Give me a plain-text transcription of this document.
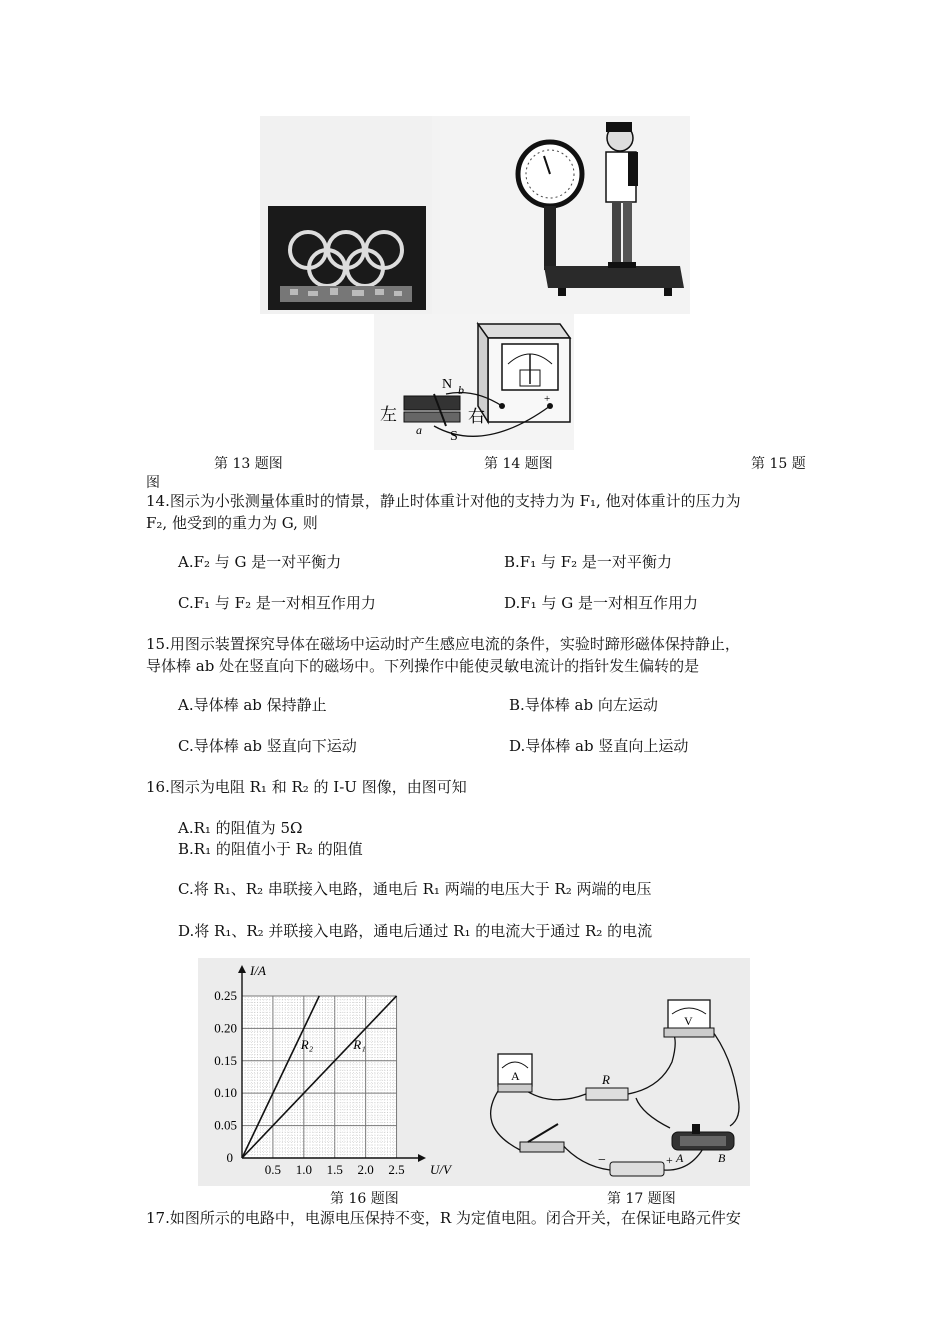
+
左	右
N
S
a
b
第 13 题图	第 14 题图	第 15 题
图
14.图示为小张测量体重时的情景，静止时体重计对他的支持力为 F₁, 他对体重计的压力为
F₂, 他受到的重力为 G, 则
A.F₂ 与 G 是一对平衡力	B.F₁ 与 F₂ 是一对平衡力
C.F₁ 与 F₂ 是一对相互作用力	D.F₁ 与 G 是一对相互作用力
15.用图示装置探究导体在磁场中运动时产生感应电流的条件，实验时蹄形磁体保持静止，
导体棒 ab 处在竖直向下的磁场中。下列操作中能使灵敏电流计的指针发生偏转的是
A.导体棒 ab 保持静止	B.导体棒 ab 向左运动
C.导体棒 ab 竖直向下运动	D.导体棒 ab 竖直向上运动
16.图示为电阻 R₁ 和 R₂ 的 I-U 图像，由图可知
A.R₁ 的阻值为 5Ω
B.R₁ 的阻值小于 R₂ 的阻值
C.将 R₁、R₂ 串联接入电路，通电后 R₁ 两端的电压大于 R₂ 两端的电压
D.将 R₁、R₂ 并联接入电路，通电后通过 R₁ 的电流大于通过 R₂ 的电流
0.5 1.0 1.5 2.0 2.5
0.05
0.10
0.15
0.20
0.25
0
R₂	R₁
U/V
I/A
A
V
R
A	B
−	+
第 16 题图	第 17 题图
17.如图所示的电路中，电源电压保持不变，R 为定值电阻。闭合开关，在保证电路元件安
